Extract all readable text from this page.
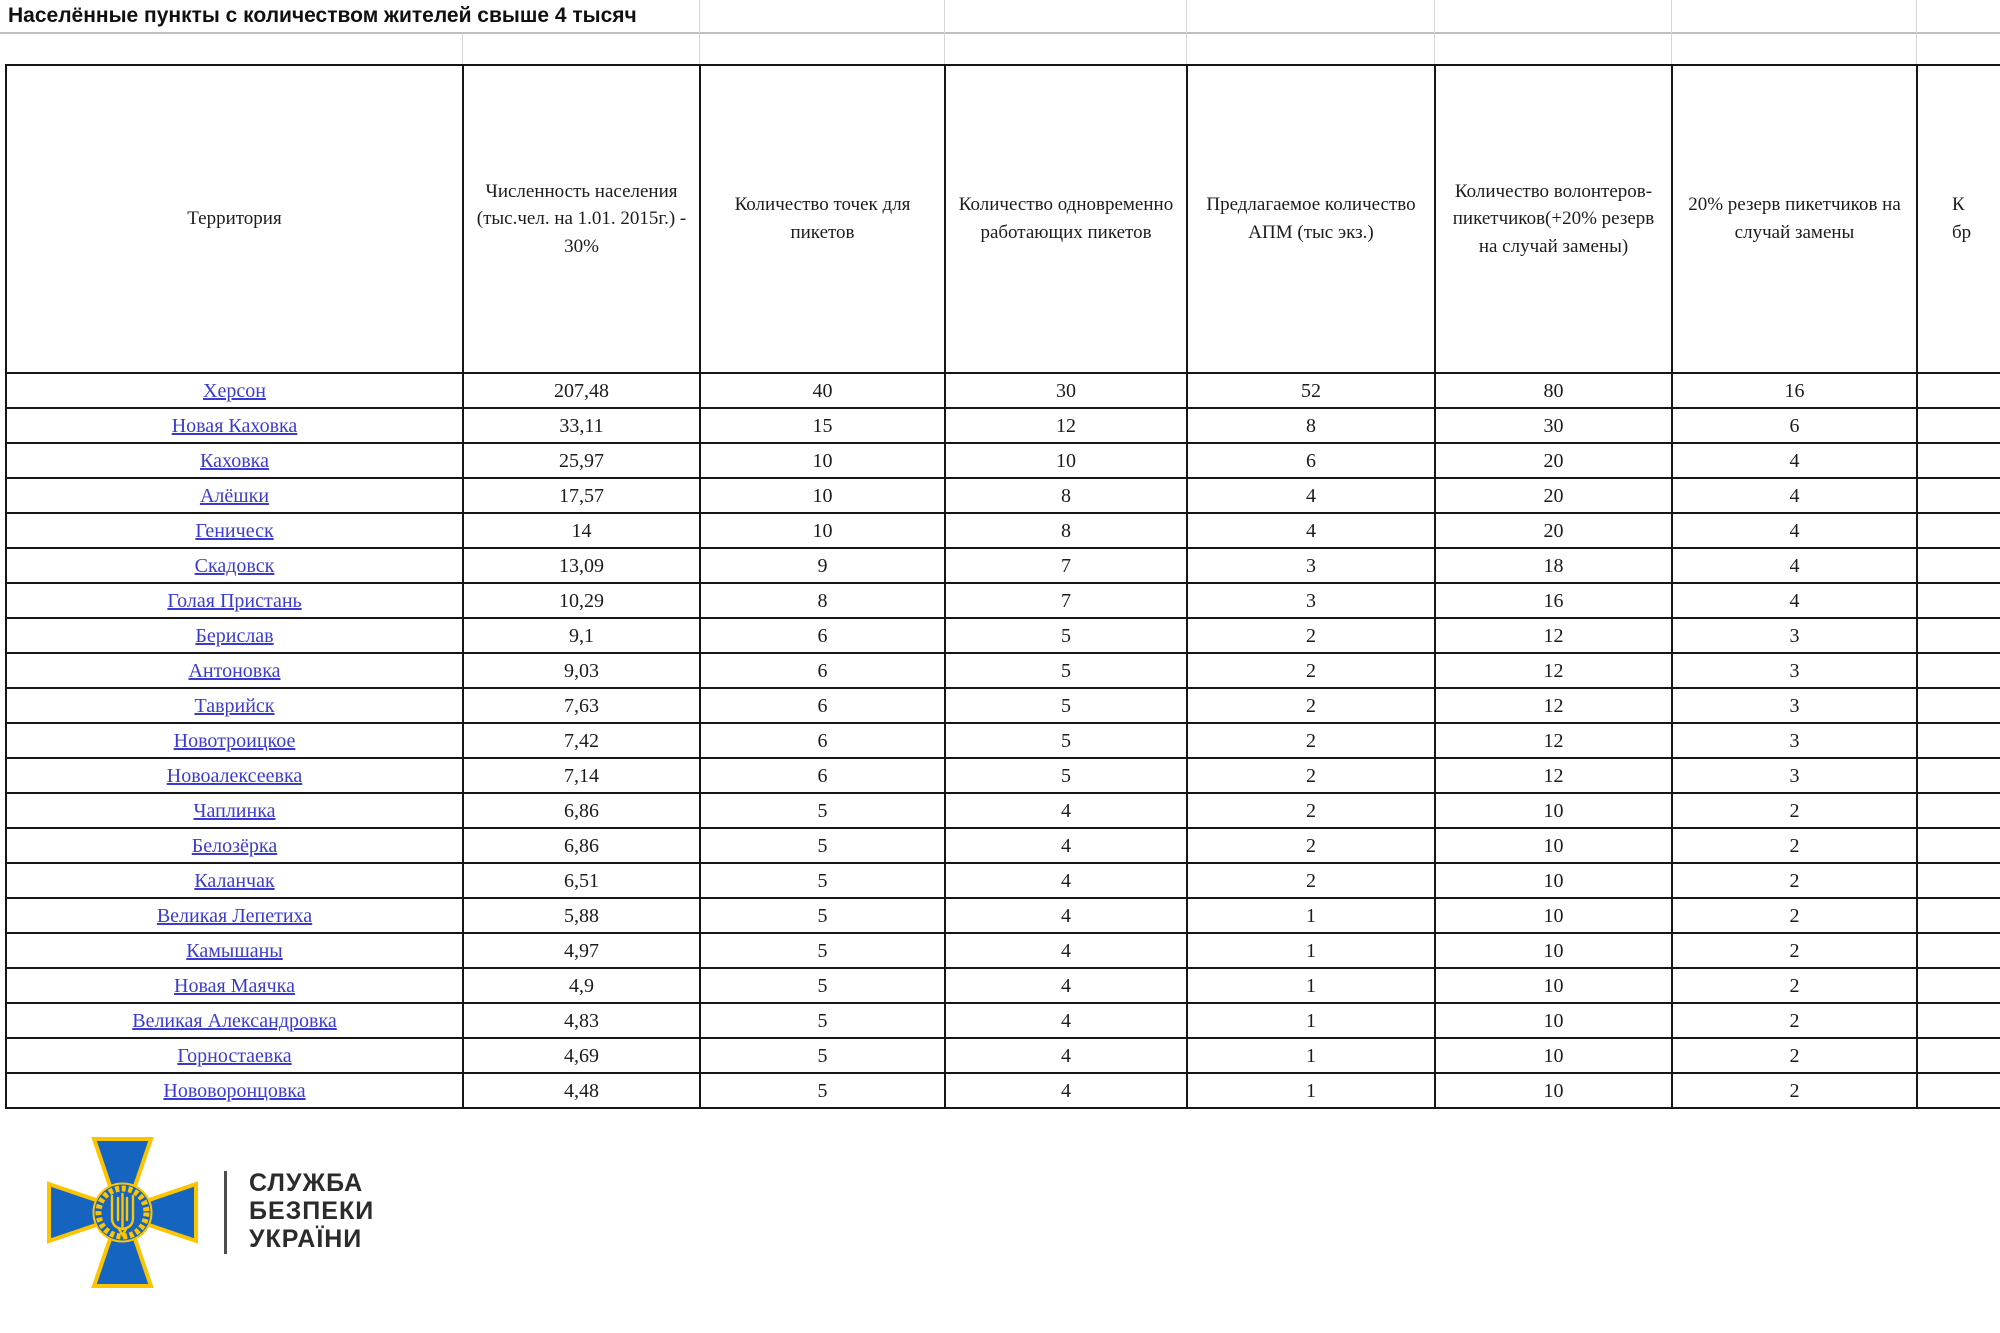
Населённые пункты с количеством жителей свыше 4 тысяч
Территория	Численность населения (тыс.чел. на 1.01. 2015г.) - 30%	Количество точек для пикетов	Количество одновременно работающих пикетов	Предлагаемое количество АПМ (тыс экз.)	Количество волонтеров-пикетчиков(+20% резерв на случай замены)	20% резерв пикетчиков на случай замены	К
бр
Херсон	207,48	40	30	52	80	16	
Новая Каховка	33,11	15	12	8	30	6	
Каховка	25,97	10	10	6	20	4	
Алёшки	17,57	10	8	4	20	4	
Геническ	14	10	8	4	20	4	
Скадовск	13,09	9	7	3	18	4	
Голая Пристань	10,29	8	7	3	16	4	
Берислав	9,1	6	5	2	12	3	
Антоновка	9,03	6	5	2	12	3	
Таврийск	7,63	6	5	2	12	3	
Новотроицкое	7,42	6	5	2	12	3	
Новоалексеевка	7,14	6	5	2	12	3	
Чаплинка	6,86	5	4	2	10	2	
Белозёрка	6,86	5	4	2	10	2	
Каланчак	6,51	5	4	2	10	2	
Великая Лепетиха	5,88	5	4	1	10	2	
Камышаны	4,97	5	4	1	10	2	
Новая Маячка	4,9	5	4	1	10	2	
Великая Александровка	4,83	5	4	1	10	2	
Горностаевка	4,69	5	4	1	10	2	
Нововоронцовка	4,48	5	4	1	10	2	
СЛУЖБА
БЕЗПЕКИ
УКРАЇНИ
